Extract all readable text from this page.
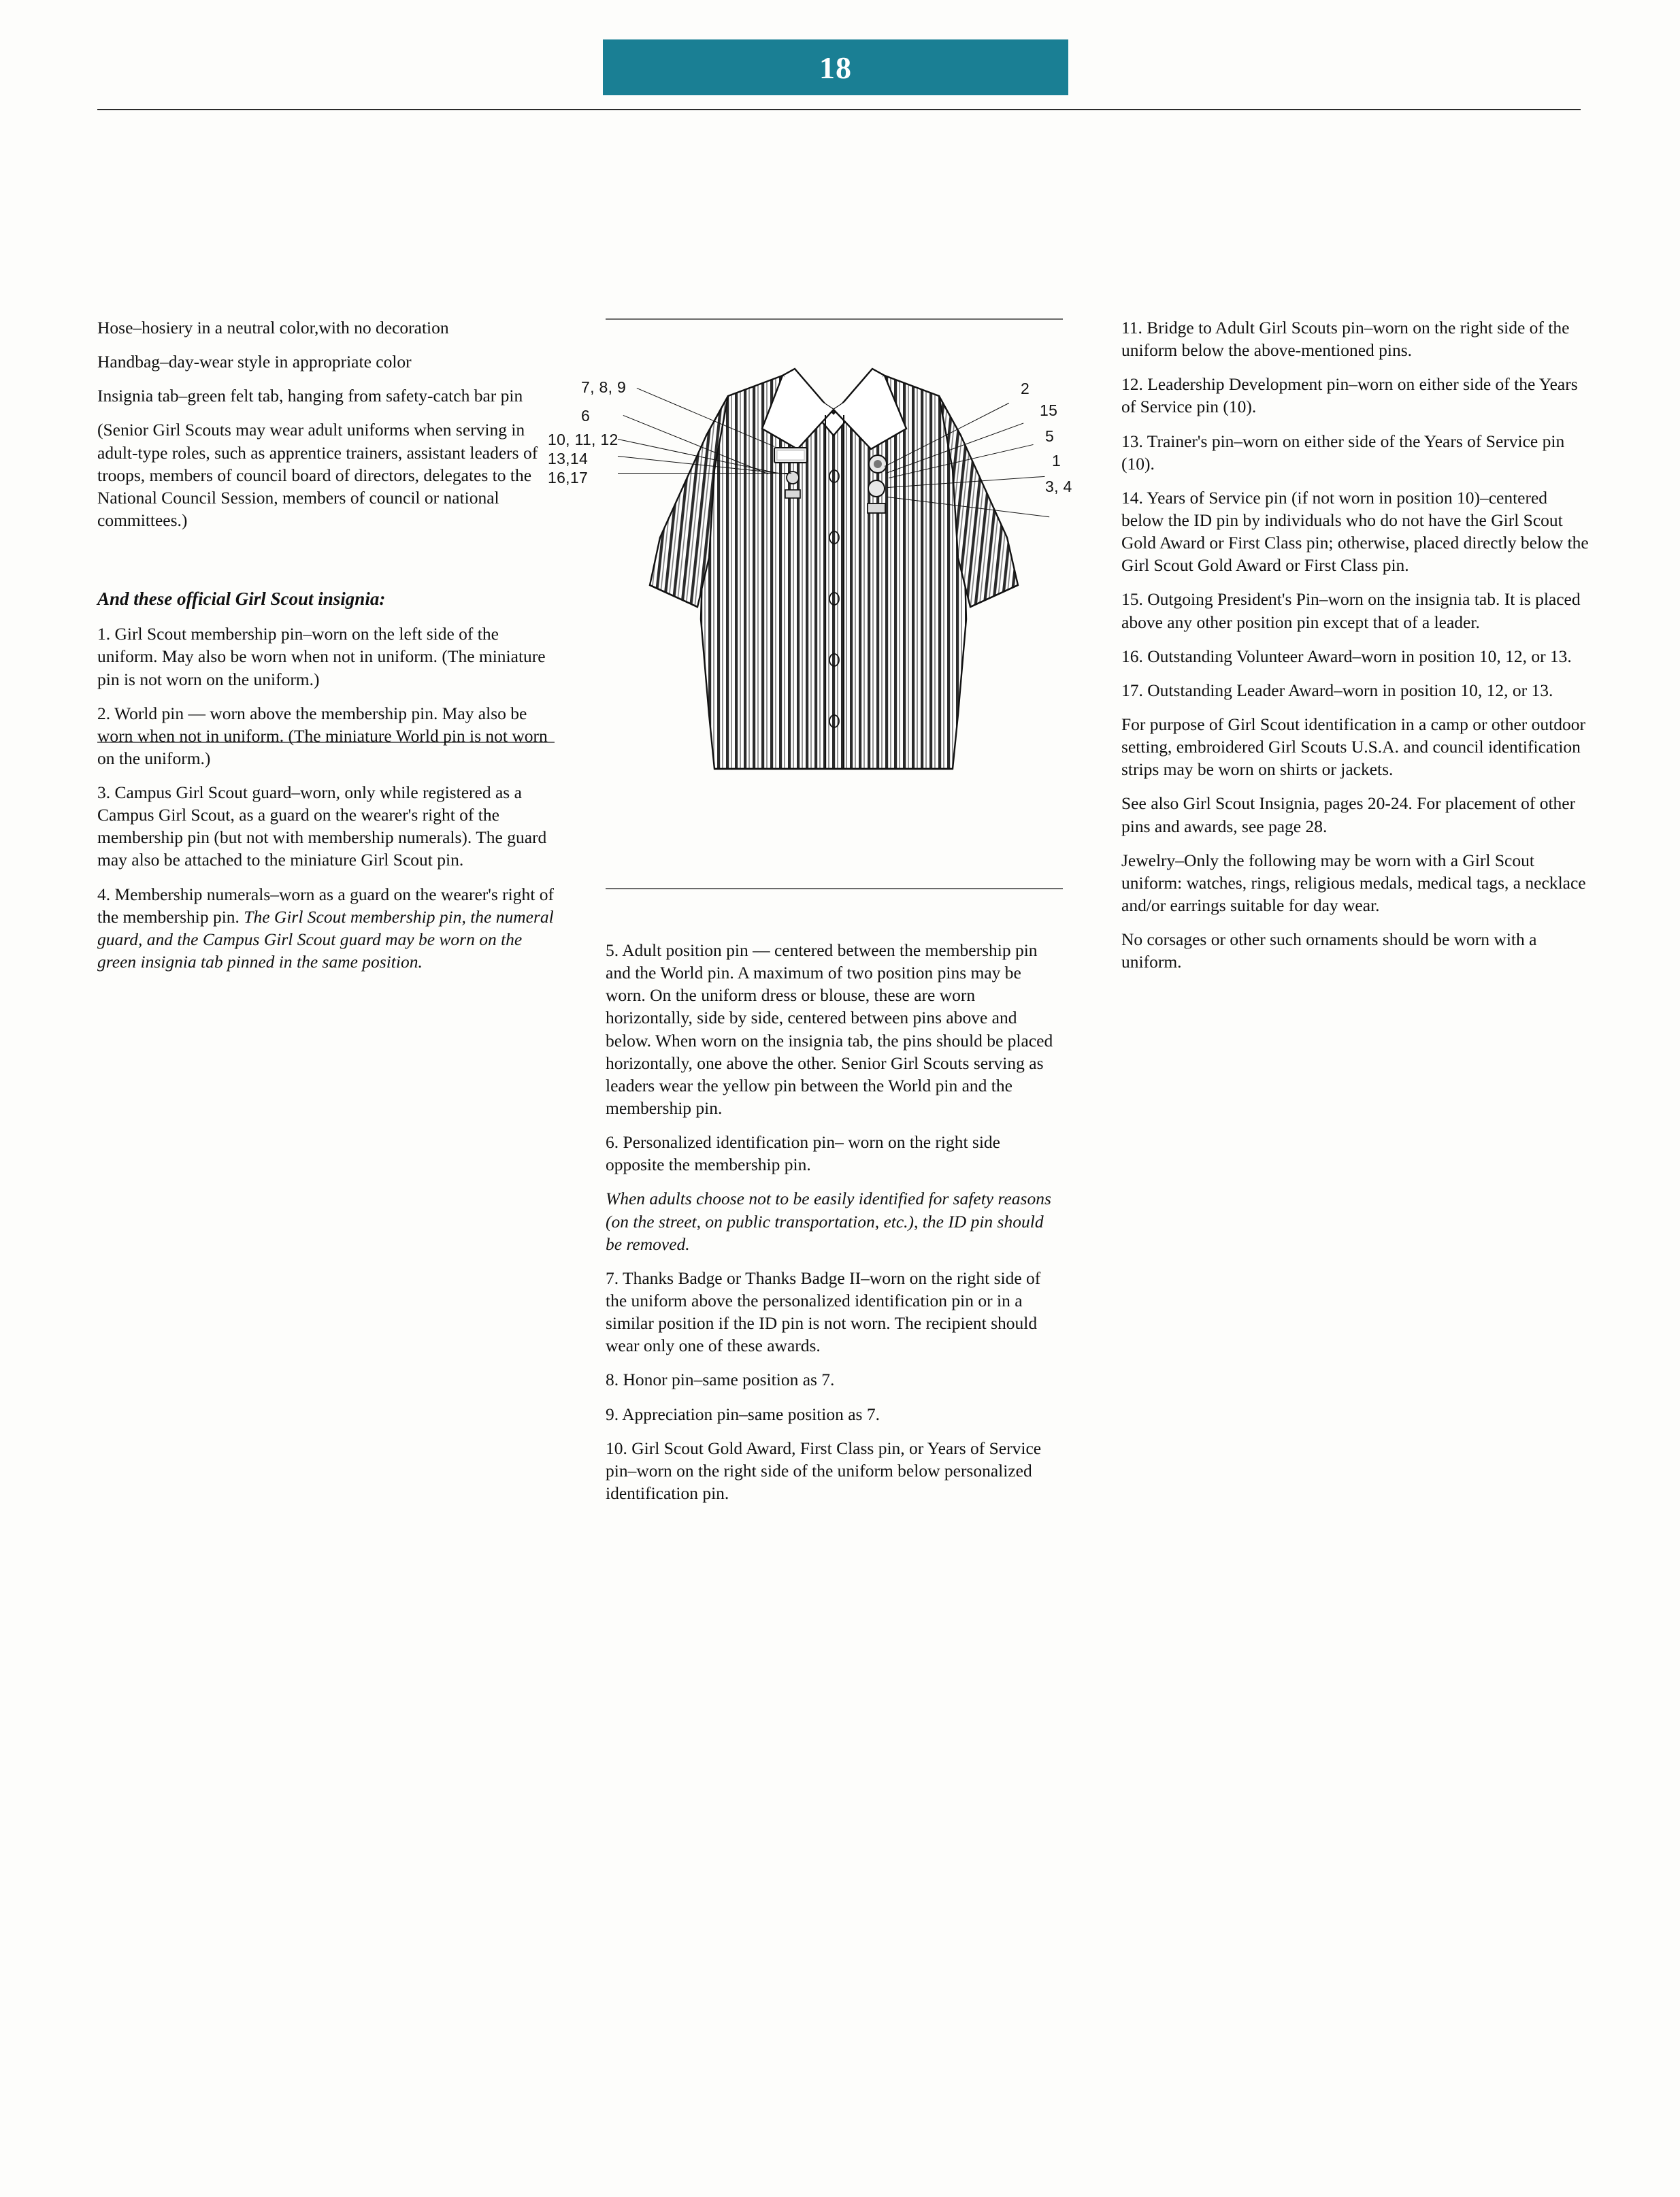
18

Hose–hosiery in a neutral color,with no decoration

Handbag–day-wear style in appropriate color

Insignia tab–green felt tab, hanging from safety-catch bar pin

(Senior Girl Scouts may wear adult uniforms when serving in adult-type roles, such as apprentice trainers, assistant leaders of troops, members of council board of directors, delegates to the National Council Session, members of council or national committees.)

And these official Girl Scout insignia:

1. Girl Scout membership pin–worn on the left side of the uniform. May also be worn when not in uniform. (The miniature pin is not worn on the uniform.)

2. World pin — worn above the membership pin. May also be worn when not in uniform. (The miniature World pin is not worn on the uniform.)

3. Campus Girl Scout guard–worn, only while registered as a Campus Girl Scout, as a guard on the wearer's right of the membership pin (but not with membership numerals). The guard may also be attached to the miniature Girl Scout pin.

4. Membership numerals–worn as a guard on the wearer's right of the membership pin. The Girl Scout membership pin, the numeral guard, and the Campus Girl Scout guard may be worn on the green insignia tab pinned in the same position.

5. Adult position pin — centered between the membership pin and the World pin. A maximum of two position pins may be worn. On the uniform dress or blouse, these are worn horizontally, side by side, centered between pins above and below. When worn on the insignia tab, the pins should be placed horizontally, one above the other. Senior Girl Scouts serving as leaders wear the yellow pin between the World pin and the membership pin.

6. Personalized identification pin– worn on the right side opposite the membership pin.

When adults choose not to be easily identified for safety reasons (on the street, on public transportation, etc.), the ID pin should be removed.

7. Thanks Badge or Thanks Badge II–worn on the right side of the uniform above the personalized identification pin or in a similar position if the ID pin is not worn. The recipient should wear only one of these awards.

8. Honor pin–same position as 7.

9. Appreciation pin–same position as 7.

10. Girl Scout Gold Award, First Class pin, or Years of Service pin–worn on the right side of the uniform below personalized identification pin.

11. Bridge to Adult Girl Scouts pin–worn on the right side of the uniform below the above-mentioned pins.

12. Leadership Development pin–worn on either side of the Years of Service pin (10).

13. Trainer's pin–worn on either side of the Years of Service pin (10).

14. Years of Service pin (if not worn in position 10)–centered below the ID pin by individuals who do not have the Girl Scout Gold Award or First Class pin; otherwise, placed directly below the Girl Scout Gold Award or First Class pin.

15. Outgoing President's Pin–worn on the insignia tab. It is placed above any other position pin except that of a leader.

16. Outstanding Volunteer Award–worn in position 10, 12, or 13.

17. Outstanding Leader Award–worn in position 10, 12, or 13.

For purpose of Girl Scout identification in a camp or other outdoor setting, embroidered Girl Scouts U.S.A. and council identification strips may be worn on shirts or jackets.

See also Girl Scout Insignia, pages 20-24. For placement of other pins and awards, see page 28.

Jewelry–Only the following may be worn with a Girl Scout uniform: watches, rings, religious medals, medical tags, a necklace and/or earrings suitable for day wear.

No corsages or other such ornaments should be worn with a uniform.

7, 8, 9
6
10, 11, 12
13,14
16,17
2
15
5
1
3, 4
